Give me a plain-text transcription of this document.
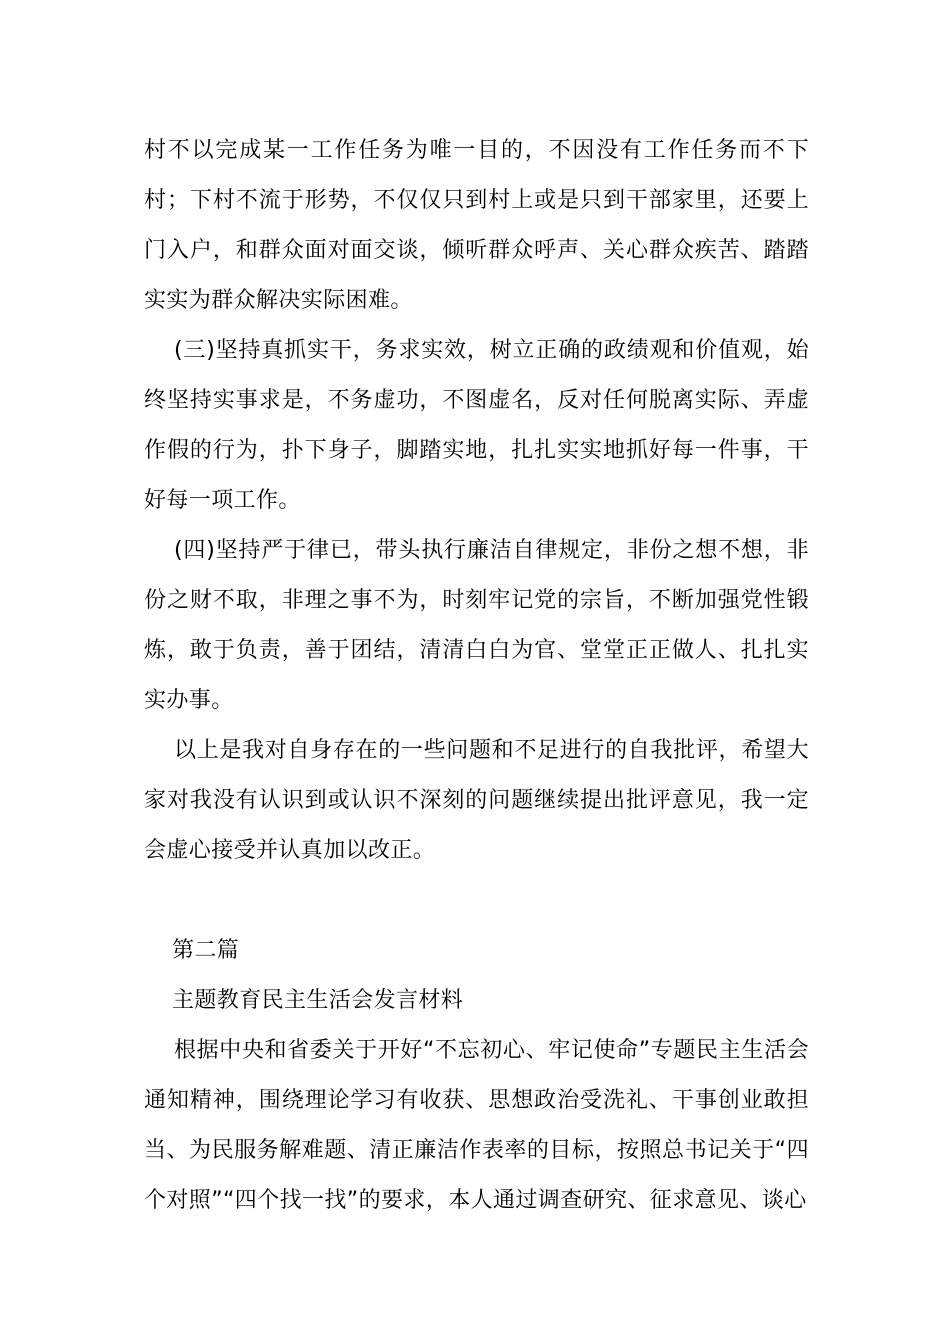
村不以完成某一工作任务为唯一目的，不因没有工作任务而不下村；下村不流于形势，不仅仅只到村上或是只到干部家里，还要上门入户，和群众面对面交谈，倾听群众呼声、关心群众疾苦、踏踏实实为群众解决实际困难。

(三)坚持真抓实干，务求实效，树立正确的政绩观和价值观，始终坚持实事求是，不务虚功，不图虚名，反对任何脱离实际、弄虚作假的行为，扑下身子，脚踏实地，扎扎实实地抓好每一件事，干好每一项工作。

(四)坚持严于律已，带头执行廉洁自律规定，非份之想不想，非份之财不取，非理之事不为，时刻牢记党的宗旨，不断加强党性锻炼，敢于负责，善于团结，清清白白为官、堂堂正正做人、扎扎实实办事。

以上是我对自身存在的一些问题和不足进行的自我批评，希望大家对我没有认识到或认识不深刻的问题继续提出批评意见，我一定会虚心接受并认真加以改正。

第二篇

主题教育民主生活会发言材料

根据中央和省委关于开好“不忘初心、牢记使命”专题民主生活会通知精神，围绕理论学习有收获、思想政治受洗礼、干事创业敢担当、为民服务解难题、清正廉洁作表率的目标，按照总书记关于“四个对照”“四个找一找”的要求，本人通过调查研究、征求意见、谈心
